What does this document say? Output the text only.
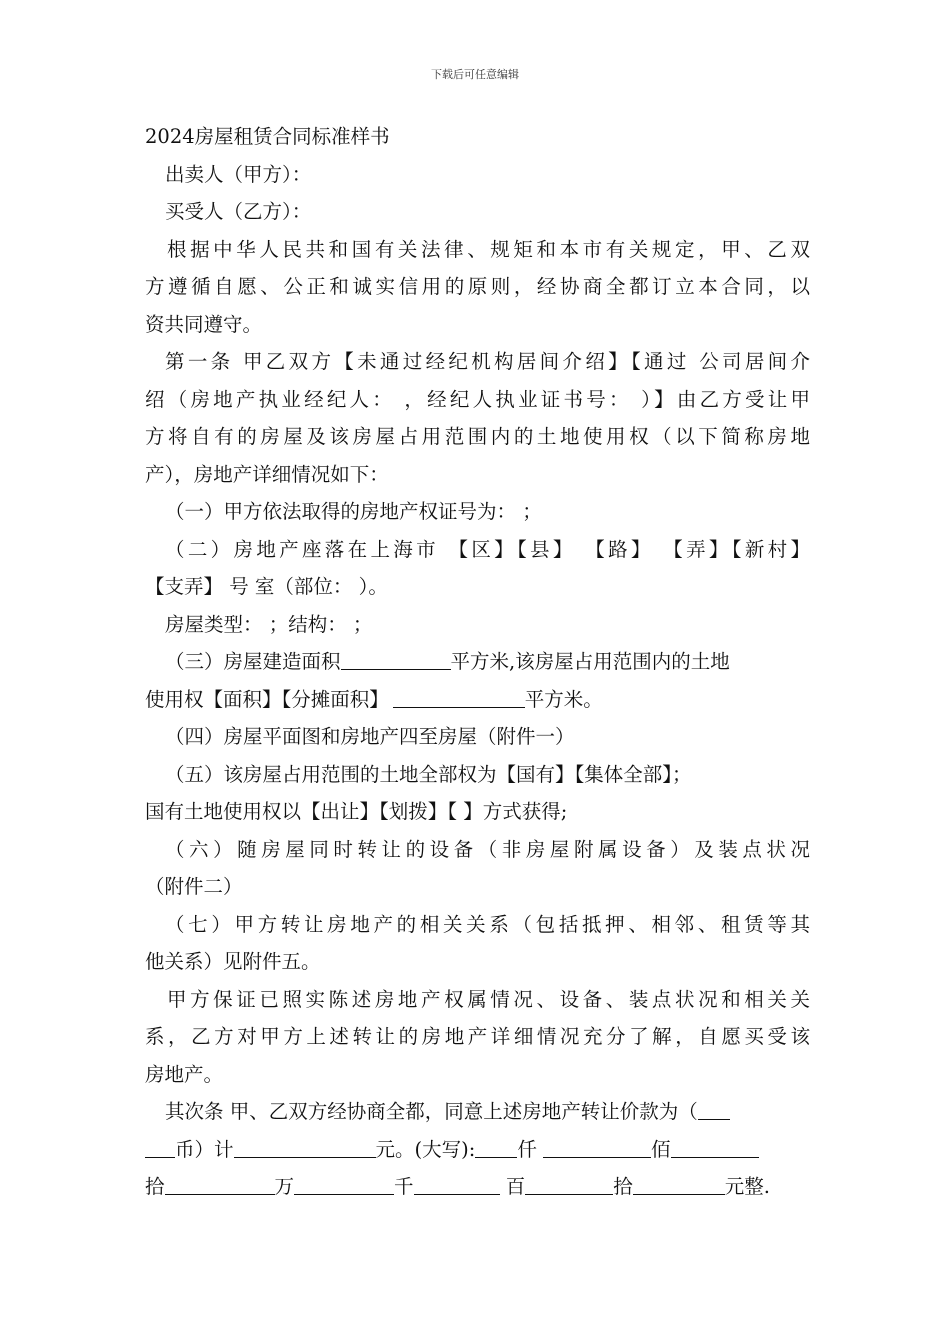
下载后可任意编辑
2024房屋租赁合同标准样书
出卖人（甲方）：
买受人（乙方）：
根据中华人民共和国有关法律、规矩和本市有关规定，甲、乙双
方遵循自愿、公正和诚实信用的原则，经协商全都订立本合同，以
资共同遵守。
第一条 甲乙双方【未通过经纪机构居间介绍】【通过 公司居间介
绍（房地产执业经纪人： ，经纪人执业证书号： ）】由乙方受让甲
方将自有的房屋及该房屋占用范围内的土地使用权（以下简称房地
产），房地产详细情况如下：
（一）甲方依法取得的房地产权证号为： ；
（二）房地产座落在上海市 【区】【县】 【路】 【弄】【新村】
【支弄】 号 室（部位： ）。
房屋类型： ；结构： ；
（三）房屋建造面积	平方米,该房屋占用范围内的土地
使用权【面积】【分摊面积】	平方米。
（四）房屋平面图和房地产四至房屋（附件一）
（五）该房屋占用范围的土地全部权为【国有】【集体全部】；
国有土地使用权以【出让】【划拨】【 】方式获得;
（六）随房屋同时转让的设备（非房屋附属设备）及装点状况
（附件二）
（七）甲方转让房地产的相关关系（包括抵押、相邻、租赁等其
他关系）见附件五。
甲方保证已照实陈述房地产权属情况、设备、装点状况和相关关
系，乙方对甲方上述转让的房地产详细情况充分了解，自愿买受该
房地产。
其次条 甲、乙双方经协商全都，同意上述房地产转让价款为（
币）计	元。(大写): 仟	佰
拾	万	千	百	拾	元整.
